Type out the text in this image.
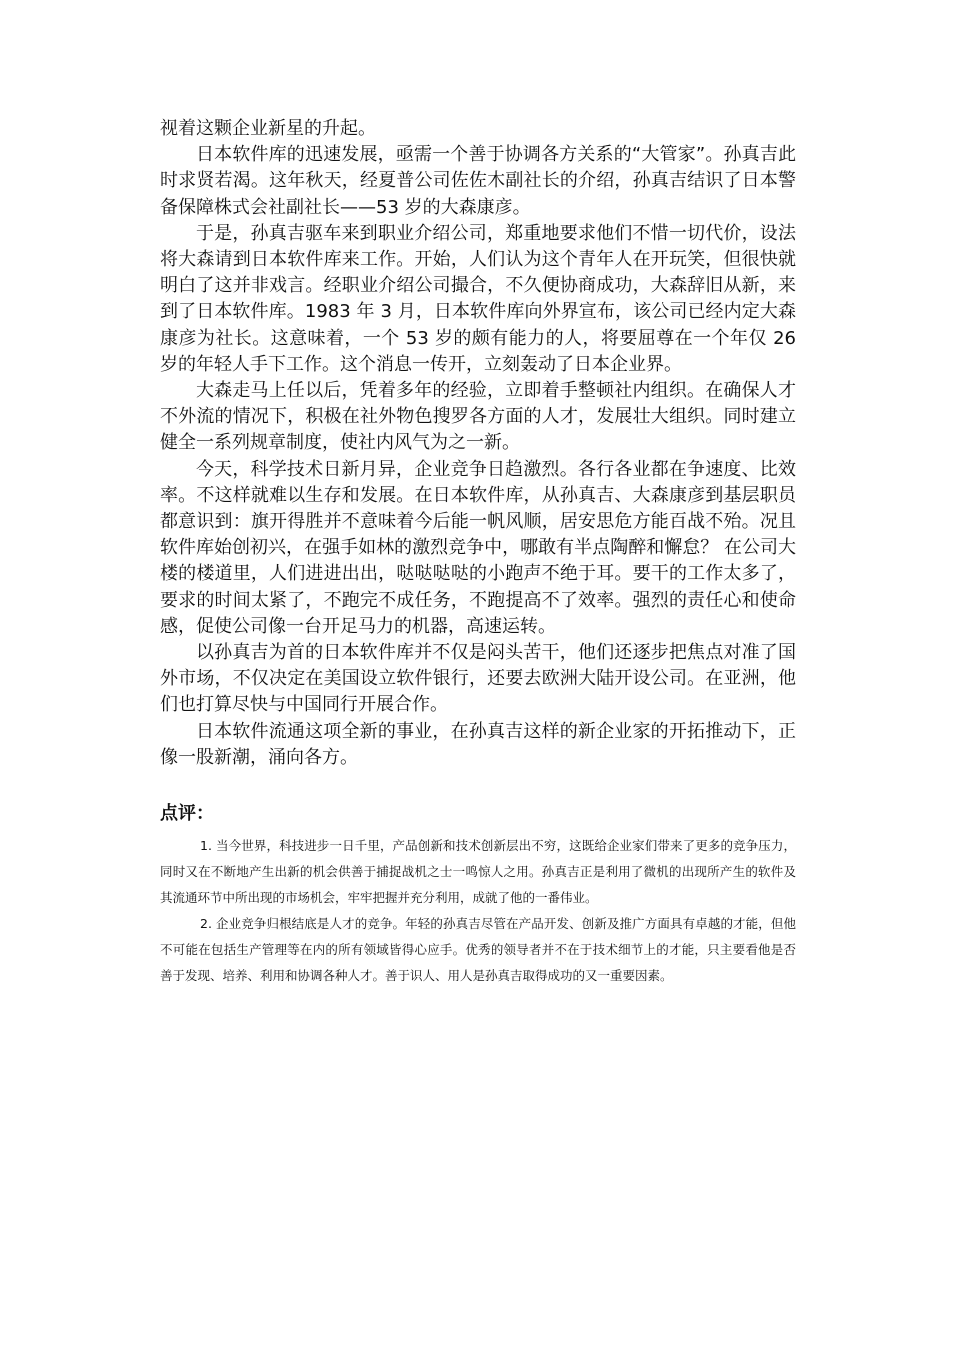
视着这颗企业新星的升起。

日本软件库的迅速发展，亟需一个善于协调各方关系的“大管家”。孙真吉此时求贤若渴。这年秋天，经夏普公司佐佐木副社长的介绍，孙真吉结识了日本警备保障株式会社副社长——53 岁的大森康彦。

于是，孙真吉驱车来到职业介绍公司，郑重地要求他们不惜一切代价，设法将大森请到日本软件库来工作。开始，人们认为这个青年人在开玩笑，但很快就明白了这并非戏言。经职业介绍公司撮合，不久便协商成功，大森辞旧从新，来到了日本软件库。1983 年 3 月，日本软件库向外界宣布，该公司已经内定大森康彦为社长。这意味着，一个 53 岁的颇有能力的人，将要屈尊在一个年仅 26 岁的年轻人手下工作。这个消息一传开，立刻轰动了日本企业界。

大森走马上任以后，凭着多年的经验，立即着手整顿社内组织。在确保人才不外流的情况下，积极在社外物色搜罗各方面的人才，发展壮大组织。同时建立健全一系列规章制度，使社内风气为之一新。

今天，科学技术日新月异，企业竞争日趋激烈。各行各业都在争速度、比效率。不这样就难以生存和发展。在日本软件库，从孙真吉、大森康彦到基层职员都意识到：旗开得胜并不意味着今后能一帆风顺，居安思危方能百战不殆。况且软件库始创初兴，在强手如林的激烈竞争中，哪敢有半点陶醉和懈怠？ 在公司大楼的楼道里，人们进进出出，哒哒哒哒的小跑声不绝于耳。要干的工作太多了，要求的时间太紧了，不跑完不成任务，不跑提高不了效率。强烈的责任心和使命感，促使公司像一台开足马力的机器，高速运转。

以孙真吉为首的日本软件库并不仅是闷头苦干，他们还逐步把焦点对准了国外市场，不仅决定在美国设立软件银行，还要去欧洲大陆开设公司。在亚洲，他们也打算尽快与中国同行开展合作。

日本软件流通这项全新的事业，在孙真吉这样的新企业家的开拓推动下，正像一股新潮，涌向各方。

点评：

1. 当今世界，科技进步一日千里，产品创新和技术创新层出不穷，这既给企业家们带来了更多的竞争压力，同时又在不断地产生出新的机会供善于捕捉战机之士一鸣惊人之用。孙真吉正是利用了微机的出现所产生的软件及其流通环节中所出现的市场机会，牢牢把握并充分利用，成就了他的一番伟业。

2. 企业竞争归根结底是人才的竞争。年轻的孙真吉尽管在产品开发、创新及推广方面具有卓越的才能，但他不可能在包括生产管理等在内的所有领域皆得心应手。优秀的领导者并不在于技术细节上的才能，只主要看他是否善于发现、培养、利用和协调各种人才。善于识人、用人是孙真吉取得成功的又一重要因素。
